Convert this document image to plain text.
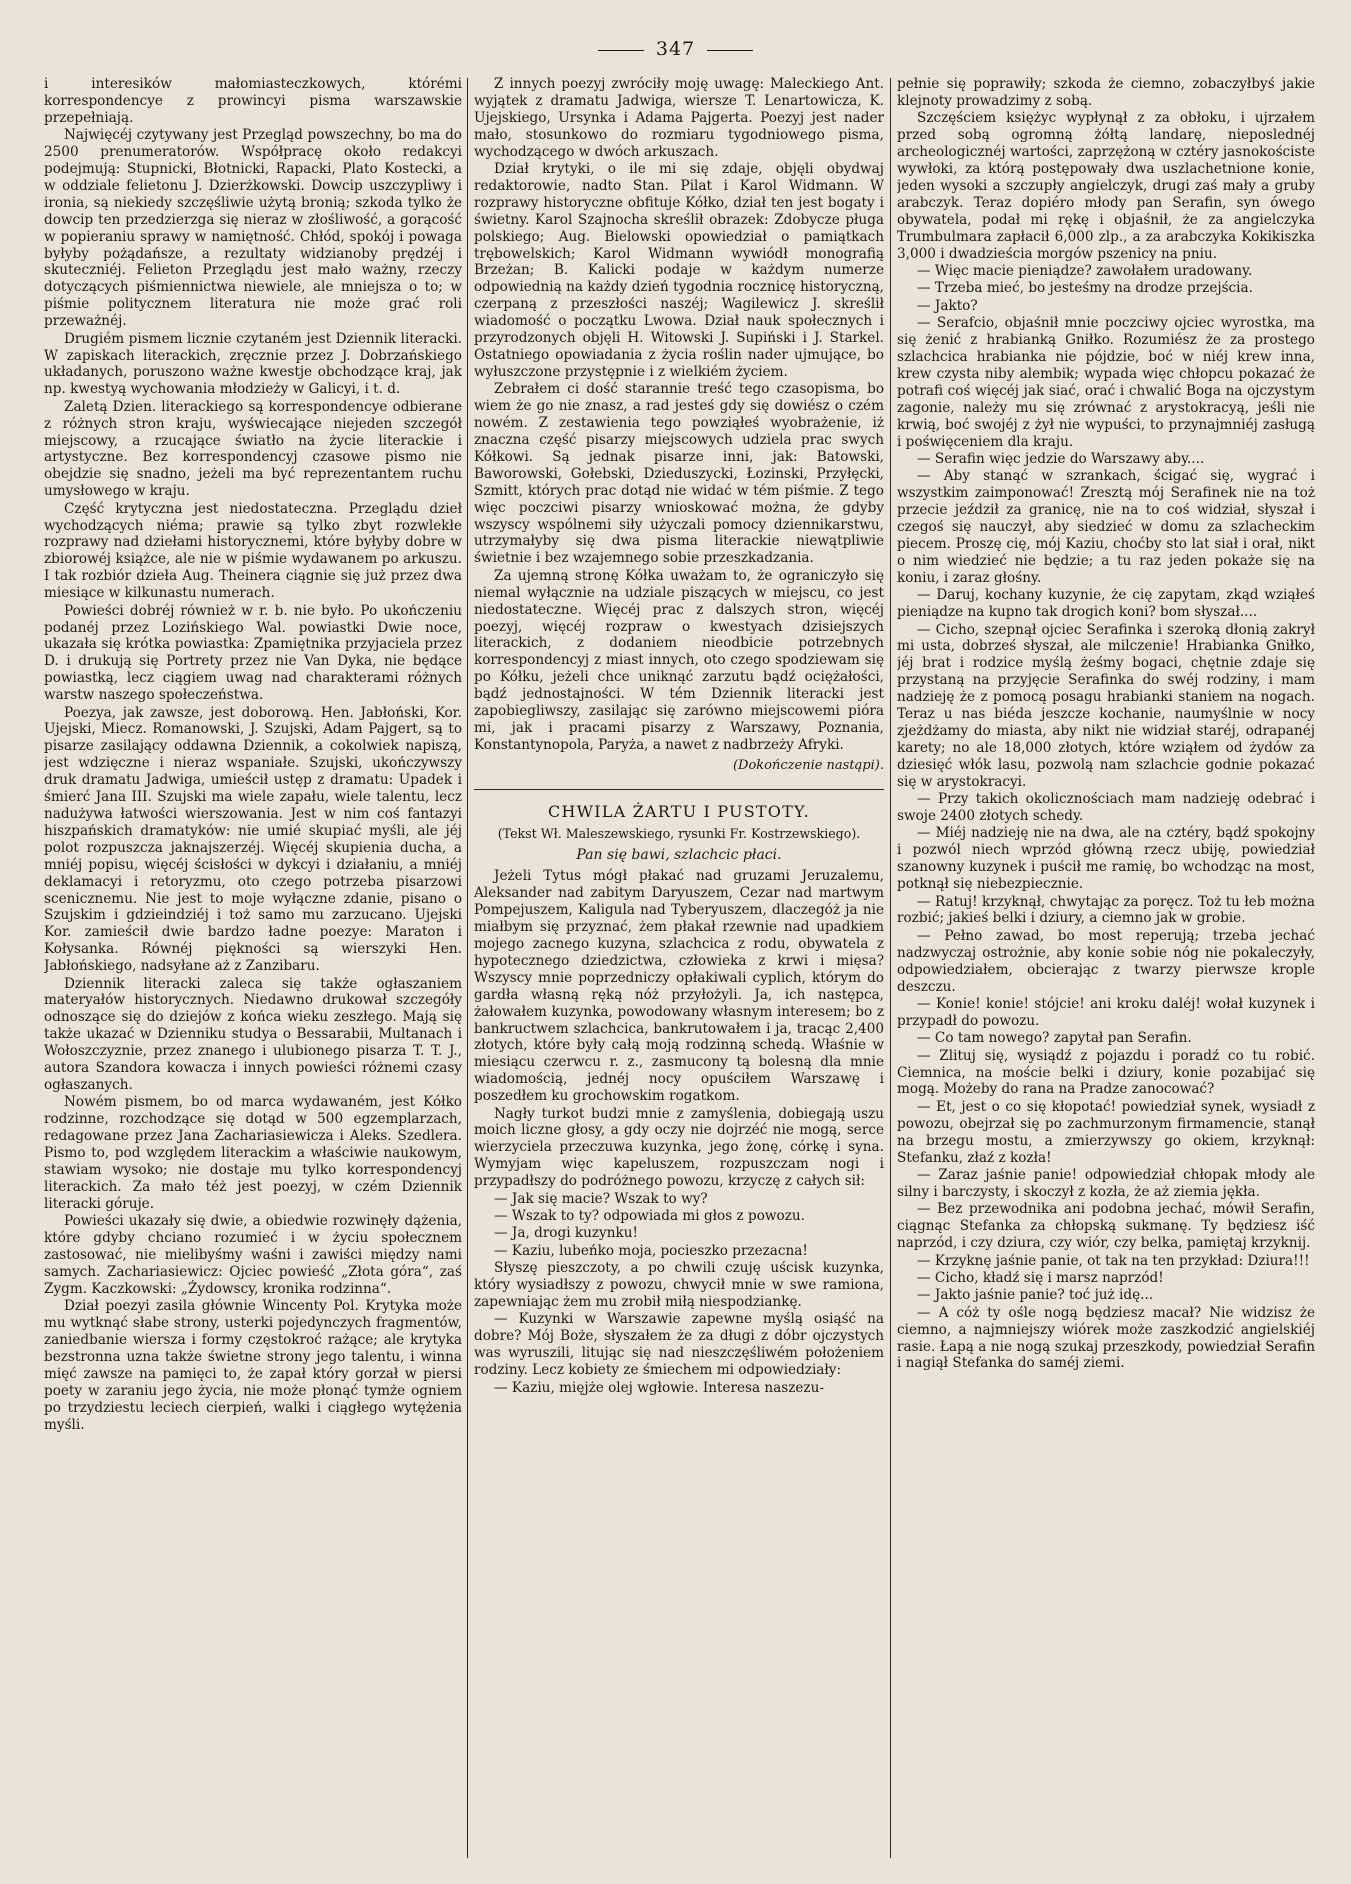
347

i interesików małomiasteczkowych, którémi korrespondencye z prowincyi pisma warszawskie przepełniają.

Najwięcéj czytywany jest Przegląd powszechny, bo ma do 2500 prenumeratorów. Współpracę około redakcyi podejmują: Stupnicki, Błotnicki, Rapacki, Plato Kostecki, a w oddziale felietonu J. Dzierżkowski. Dowcip uszczypliwy i ironia, są niekiedy szczęśliwie użytą bronią; szkoda tylko że dowcip ten przedzierzga się nieraz w złośliwość, a gorącość w popieraniu sprawy w namiętność. Chłód, spokój i powaga byłyby pożądańsze, a rezultaty widzianoby prędzéj i skuteczniéj. Felieton Przeglądu jest mało ważny, rzeczy dotyczących piśmiennictwa niewiele, ale mniejsza o to; w piśmie politycznem literatura nie może grać roli przeważnéj.

Drugiém pismem licznie czytaném jest Dziennik literacki. W zapiskach literackich, zręcznie przez J. Dobrzańskiego układanych, poruszono ważne kwestje obchodzące kraj, jak np. kwestyą wychowania młodzieży w Galicyi, i t. d.

Zaletą Dzien. literackiego są korrespondencye odbierane z różnych stron kraju, wyświecające niejeden szczegół miejscowy, a rzucające światło na życie literackie i artystyczne. Bez korrespondencyj czasowe pismo nie obejdzie się snadno, jeżeli ma być reprezentantem ruchu umysłowego w kraju.

Część krytyczna jest niedostateczna. Przeglądu dzieł wychodzących niéma; prawie są tylko zbyt rozwlekłe rozprawy nad dziełami historycznemi, które byłyby dobre w zbiorowéj książce, ale nie w piśmie wydawanem po arkuszu. I tak rozbiór dzieła Aug. Theinera ciągnie się już przez dwa miesiące w kilkunastu numerach.

Powieści dobréj również w r. b. nie było. Po ukończeniu podanéj przez Lozińskiego Wal. powiastki Dwie noce, ukazała się krótka powiastka: Zpamiętnika przyjaciela przez D. i drukują się Portrety przez nie Van Dyka, nie będące powiastką, lecz ciągiem uwag nad charakterami różnych warstw naszego społeczeństwa.

Poezya, jak zawsze, jest doborową. Hen. Jabłoński, Kor. Ujejski, Miecz. Romanowski, J. Szujski, Adam Pajgert, są to pisarze zasilający oddawna Dziennik, a cokolwiek napiszą, jest wdzięczne i nieraz wspaniałe. Szujski, ukończywszy druk dramatu Jadwiga, umieścił ustęp z dramatu: Upadek i śmierć Jana III. Szujski ma wiele zapału, wiele talentu, lecz nadużywa łatwości wierszowania. Jest w nim coś fantazyi hiszpańskich dramatyków: nie umié skupiać myśli, ale jéj polot rozpuszcza jaknajszerzéj. Więcéj skupienia ducha, a mniéj popisu, więcéj ścisłości w dykcyi i działaniu, a mniéj deklamacyi i retoryzmu, oto czego potrzeba pisarzowi scenicznemu. Nie jest to moje wyłączne zdanie, pisano o Szujskim i gdzieindziéj i toż samo mu zarzucano. Ujejski Kor. zamieścił dwie bardzo ładne poezye: Maraton i Kołysanka. Równéj piękności są wierszyki Hen. Jabłońskiego, nadsyłane aż z Zanzibaru.

Dziennik literacki zaleca się także ogłaszaniem materyałów historycznych. Niedawno drukował szczegóły odnoszące się do dziejów z końca wieku zeszłego. Mają się także ukazać w Dzienniku studya o Bessarabii, Multanach i Wołoszczyznie, przez znanego i ulubionego pisarza T. T. J., autora Szandora kowacza i innych powieści różnemi czasy ogłaszanych.

Nowém pismem, bo od marca wydawaném, jest Kółko rodzinne, rozchodzące się dotąd w 500 egzemplarzach, redagowane przez Jana Zachariasiewicza i Aleks. Szedlera. Pismo to, pod względem literackim a właściwie naukowym, stawiam wysoko; nie dostaje mu tylko korrespondencyj literackich. Za mało téż jest poezyj, w czém Dziennik literacki góruje.

Powieści ukazały się dwie, a obiedwie rozwinęły dążenia, które gdyby chciano rozumieć i w życiu społecznem zastosować, nie mielibyśmy waśni i zawiści między nami samych. Zachariasiewicz: Ojciec powieść „Złota góra“, zaś Zygm. Kaczkowski: „Żydowscy, kronika rodzinna“.

Dział poezyi zasila głównie Wincenty Pol. Krytyka może mu wytknąć słabe strony, usterki pojedynczych fragmentów, zaniedbanie wiersza i formy częstokroć rażące; ale krytyka bezstronna uzna także świetne strony jego talentu, i winna mięć zawsze na pamięci to, że zapał który gorzał w piersi poety w zaraniu jego życia, nie może płonąć tymże ogniem po trzydziestu leciech cierpień, walki i ciągłego wytężenia myśli.

Z innych poezyj zwróciły moję uwagę: Maleckiego Ant. wyjątek z dramatu Jadwiga, wiersze T. Lenartowicza, K. Ujejskiego, Ursynka i Adama Pajgerta. Poezyj jest nader mało, stosunkowo do rozmiaru tygodniowego pisma, wychodzącego w dwóch arkuszach.

Dział krytyki, o ile mi się zdaje, objęli obydwaj redaktorowie, nadto Stan. Pilat i Karol Widmann. W rozprawy historyczne obfituje Kółko, dział ten jest bogaty i świetny. Karol Szajnocha skreślił obrazek: Zdobycze pługa polskiego; Aug. Bielowski opowiedział o pamiątkach trębowelskich; Karol Widmann wywiódł monografią Brzeżan; B. Kalicki podaje w każdym numerze odpowiednią na każdy dzień tygodnia rocznicę historyczną, czerpaną z przeszłości naszéj; Wagilewicz J. skreślił wiadomość o początku Lwowa. Dział nauk społecznych i przyrodzonych objęli H. Witowski J. Supiński i J. Starkel. Ostatniego opowiadania z życia roślin nader ujmujące, bo wyłuszczone przystępnie i z wielkiém życiem.

Zebrałem ci dość starannie treść tego czasopisma, bo wiem że go nie znasz, a rad jesteś gdy się dowiész o czém nowém. Z zestawienia tego powziąłeś wyobrażenie, iż znaczna część pisarzy miejscowych udziela prac swych Kółkowi. Są jednak pisarze inni, jak: Batowski, Baworowski, Gołebski, Dzieduszycki, Łozinski, Przyłęcki, Szmitt, których prac dotąd nie widać w tém piśmie. Z tego więc poczciwi pisarzy wnioskować można, że gdyby wszyscy wspólnemi siły użyczali pomocy dziennikarstwu, utrzymałyby się dwa pisma literackie niewątpliwie świetnie i bez wzajemnego sobie przeszkadzania.

Za ujemną stronę Kółka uważam to, że ograniczyło się niemal wyłącznie na udziale piszących w miejscu, co jest niedostateczne. Więcéj prac z dalszych stron, więcéj poezyj, więcéj rozpraw o kwestyach dzisiejszych literackich, z dodaniem nieodbicie potrzebnych korrespondencyj z miast innych, oto czego spodziewam się po Kółku, jeżeli chce uniknąć zarzutu bądź ociężałości, bądź jednostajności. W tém Dziennik literacki jest zapobiegliwszy, zasilając się zarówno miejscowemi pióra mi, jak i pracami pisarzy z Warszawy, Poznania, Konstantynopola, Paryża, a nawet z nadbrzeży Afryki.

(Dokończenie nastąpi).

CHWILA ŻARTU I PUSTOTY.
(Tekst Wł. Maleszewskiego, rysunki Fr. Kostrzewskiego).
Pan się bawi, szlachcic płaci.

Jeżeli Tytus mógł płakać nad gruzami Jeruzalemu, Aleksander nad zabitym Daryuszem, Cezar nad martwym Pompejuszem, Kaligula nad Tyberyuszem, dlaczegóż ja nie miałbym się przyznać, żem płakał rzewnie nad upadkiem mojego zacnego kuzyna, szlachcica z rodu, obywatela z hypotecznego dziedzictwa, człowieka z krwi i mięsa? Wszyscy mnie poprzedniczy opłakiwali cyplich, którym do gardła własną ręką nóż przyłożyli. Ja, ich następca, żałowałem kuzynka, powodowany własnym interesem; bo z bankructwem szlachcica, bankrutowałem i ja, tracąc 2,400 złotych, które były całą moją rodzinną schedą. Właśnie w miesiącu czerwcu r. z., zasmucony tą bolesną dla mnie wiadomością, jednéj nocy opuściłem Warszawę i poszedłem ku grochowskim rogatkom.

Nagły turkot budzi mnie z zamyślenia, dobiegają uszu moich liczne głosy, a gdy oczy nie dojrzéć nie mogą, serce wierzyciela przeczuwa kuzynka, jego żonę, córkę i syna. Wymyjam więc kapeluszem, rozpuszczam nogi i przypadłszy do podróżnego powozu, krzyczę z całych sił:

— Jak się macie? Wszak to wy?

— Wszak to ty? odpowiada mi głos z powozu.

— Ja, drogi kuzynku!

— Kaziu, lubeńko moja, pocieszko przezacna!

Słyszę pieszczoty, a po chwili czuję uścisk kuzynka, który wysiadłszy z powozu, chwycił mnie w swe ramiona, zapewniając żem mu zrobił miłą niespodziankę.

— Kuzynki w Warszawie zapewne myślą osiąść na dobre? Mój Boże, słyszałem że za długi z dóbr ojczystych was wyruszili, litując się nad nieszczęśliwém położeniem rodziny. Lecz kobiety ze śmiechem mi odpowiedziały:

— Kaziu, mięjże olej wgłowie. Interesa naszezu-

pełnie się poprawiły; szkoda że ciemno, zobaczyłbyś jakie klejnoty prowadzimy z sobą.

Szczęściem księżyc wypłynął z za obłoku, i ujrzałem przed sobą ogromną żółtą landarę, nieposlednéj archeologicznéj wartości, zaprzężoną w cztéry jasnokościste wywłoki, za którą postępowały dwa uszlachetnione konie, jeden wysoki a szczupły angielczyk, drugi zaś mały a gruby arabczyk. Teraz dopiéro młody pan Serafin, syn ówego obywatela, podał mi rękę i objaśnił, że za angielczyka Trumbulmara zapłacił 6,000 zlp., a za arabczyka Kokikiszka 3,000 i dwadzieścia morgów pszenicy na pniu.

— Więc macie pieniądze? zawołałem uradowany.

— Trzeba mieć, bo jesteśmy na drodze przejścia.

— Jakto?

— Serafcio, objaśnił mnie poczciwy ojciec wyrostka, ma się żenić z hrabianką Gniłko. Rozumiész że za prostego szlachcica hrabianka nie pójdzie, boć w niéj krew inna, krew czysta niby alembik; wypada więc chłopcu pokazać że potrafi coś więcéj jak siać, orać i chwalić Boga na ojczystym zagonie, należy mu się zrównać z arystokracyą, jeśli nie krwią, boć swojéj z żył nie wypuści, to przynajmniéj zasługą i poświęceniem dla kraju.

— Serafin więc jedzie do Warszawy aby....

— Aby stanąć w szrankach, ścigać się, wygrać i wszystkim zaimponować! Zresztą mój Serafinek nie na toż przecie jeździł za granicę, nie na to coś widział, słyszał i czegoś się nauczył, aby siedzieć w domu za szlacheckim piecem. Proszę cię, mój Kaziu, choćby sto lat siał i orał, nikt o nim wiedzieć nie będzie; a tu raz jeden pokaże się na koniu, i zaraz głośny.

— Daruj, kochany kuzynie, że cię zapytam, zkąd wziąłeś pieniądze na kupno tak drogich koni? bom słyszał....

— Cicho, szepnął ojciec Serafinka i szeroką dłonią zakrył mi usta, dobrześ słyszał, ale milczenie! Hrabianka Gniłko, jéj brat i rodzice myślą żeśmy bogaci, chętnie zdaje się przystaną na przyjęcie Serafinka do swéj rodziny, i mam nadzieję że z pomocą posagu hrabianki staniem na nogach. Teraz u nas biéda jeszcze kochanie, naumyślnie w nocy zjeżdżamy do miasta, aby nikt nie widział staréj, odrapanéj karety; no ale 18,000 złotych, które wziąłem od żydów za dziesięć włók lasu, pozwolą nam szlachcie godnie pokazać się w arystokracyi.

— Przy takich okolicznościach mam nadzieję odebrać i swoje 2400 złotych schedy.

— Miéj nadzieję nie na dwa, ale na cztéry, bądź spokojny i pozwól niech wprzód główną rzecz ubiję, powiedział szanowny kuzynek i puścił me ramię, bo wchodząc na most, potknął się niebezpiecznie.

— Ratuj! krzyknął, chwytając za poręcz. Toż tu łeb można rozbić; jakieś belki i dziury, a ciemno jak w grobie.

— Pełno zawad, bo most reperują; trzeba jechać nadzwyczaj ostrożnie, aby konie sobie nóg nie pokaleczyły, odpowiedziałem, obcierając z twarzy pierwsze krople deszczu.

— Konie! konie! stójcie! ani kroku daléj! wołał kuzynek i przypadł do powozu.

— Co tam nowego? zapytał pan Serafin.

— Zlituj się, wysiądź z pojazdu i poradź co tu robić. Ciemnica, na moście belki i dziury, konie pozabijać się mogą. Możeby do rana na Pradze zanocować?

— Et, jest o co się kłopotać! powiedział synek, wysiadł z powozu, obejrzał się po zachmurzonym firmamencie, stanął na brzegu mostu, a zmierzywszy go okiem, krzyknął: Stefanku, złaź z kozła!

— Zaraz jaśnie panie! odpowiedział chłopak młody ale silny i barczysty, i skoczył z kozła, że aż ziemia jękła.

— Bez przewodnika ani podobna jechać, mówił Serafin, ciągnąc Stefanka za chłopską sukmanę. Ty będziesz iść naprzód, i czy dziura, czy wiór, czy belka, pamiętaj krzyknij.

— Krzyknę jaśnie panie, ot tak na ten przykład: Dziura!!!

— Cicho, kładź się i marsz naprzód!

— Jakto jaśnie panie? toć już idę...

— A cóż ty ośle nogą będziesz macał? Nie widzisz że ciemno, a najmniejszy wiórek może zaszkodzić angielskiéj rasie. Łapą a nie nogą szukaj przeszkody, powiedział Serafin i nagiął Stefanka do saméj ziemi.
